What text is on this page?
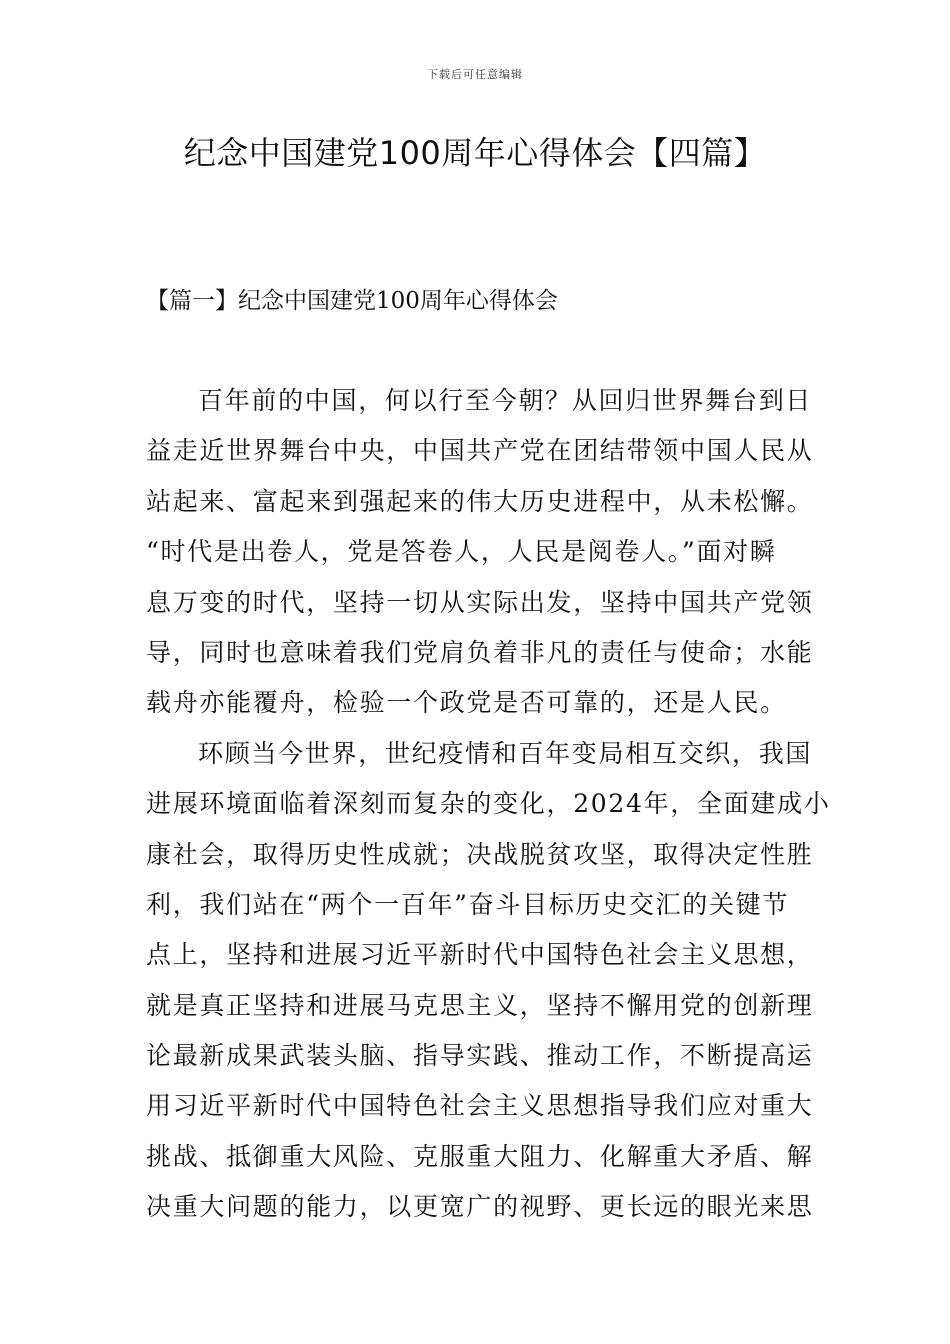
下载后可任意编辑
纪念中国建党100周年心得体会【四篇】
【篇一】纪念中国建党100周年心得体会
百年前的中国，何以行至今朝？从回归世界舞台到日
益走近世界舞台中央，中国共产党在团结带领中国人民从
站起来、富起来到强起来的伟大历史进程中，从未松懈。
“时代是出卷人，党是答卷人，人民是阅卷人。”面对瞬
息万变的时代，坚持一切从实际出发，坚持中国共产党领
导，同时也意味着我们党肩负着非凡的责任与使命；水能
载舟亦能覆舟，检验一个政党是否可靠的，还是人民。
环顾当今世界，世纪疫情和百年变局相互交织，我国
进展环境面临着深刻而复杂的变化，2024年，全面建成小
康社会，取得历史性成就；决战脱贫攻坚，取得决定性胜
利，我们站在“两个一百年”奋斗目标历史交汇的关键节
点上，坚持和进展习近平新时代中国特色社会主义思想，
就是真正坚持和进展马克思主义，坚持不懈用党的创新理
论最新成果武装头脑、指导实践、推动工作，不断提高运
用习近平新时代中国特色社会主义思想指导我们应对重大
挑战、抵御重大风险、克服重大阻力、化解重大矛盾、解
决重大问题的能力，以更宽广的视野、更长远的眼光来思
